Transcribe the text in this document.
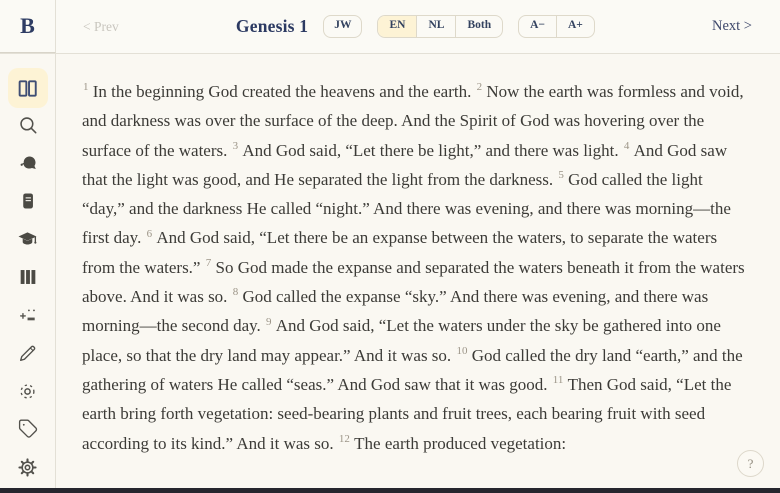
B	< Prev	Genesis 1	JW	EN	NL	Both	A−	A+	Next >

$^1$ In the beginning God created the heavens and the earth. $^2$ Now the earth was formless and void, and darkness was over the surface of the deep. And the Spirit of God was hovering over the surface of the waters. $^3$ And God said, “Let there be light,” and there was light. $^4$ And God saw that the light was good, and He separated the light from the darkness. $^5$ God called the light “day,” and the darkness He called “night.” And there was evening, and there was morning—the first day. $^6$ And God said, “Let there be an expanse between the waters, to separate the waters from the waters.” $^7$ So God made the expanse and separated the waters beneath it from the waters above. And it was so. $^8$ God called the expanse “sky.” And there was evening, and there was morning—the second day. $^9$ And God said, “Let the waters under the sky be gathered into one place, so that the dry land may appear.” And it was so. $^{10}$ God called the dry land “earth,” and the gathering of waters He called “seas.” And God saw that it was good. $^{11}$ Then God said, “Let the earth bring forth vegetation: seed-bearing plants and fruit trees, each bearing fruit with seed according to its kind.” And it was so. $^{12}$ The earth produced vegetation:

?
